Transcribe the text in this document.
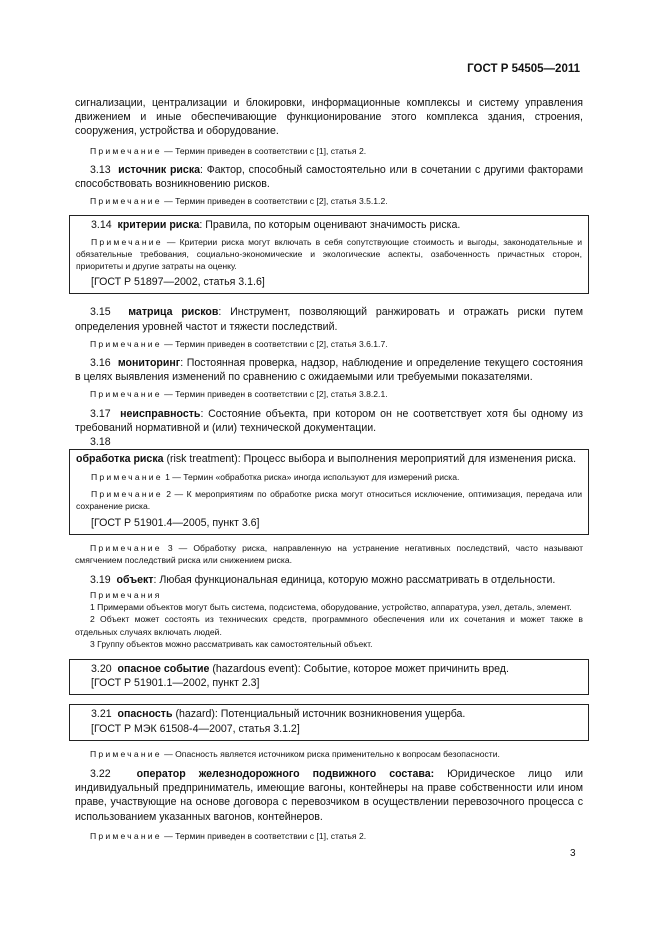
ГОСТ Р 54505—2011

сигнализации, централизации и блокировки, информационные комплексы и систему управления движением и иные обеспечивающие функционирование этого комплекса здания, строения, сооружения, устройства и оборудование.

Примечание — Термин приведен в соответствии с [1], статья 2.

3.13 источник риска: Фактор, способный самостоятельно или в сочетании с другими факторами способствовать возникновению рисков.

Примечание — Термин приведен в соответствии с [2], статья 3.5.1.2.

3.14 критерии риска: Правила, по которым оценивают значимость риска.

Примечание — Критерии риска могут включать в себя сопутствующие стоимость и выгоды, законодательные и обязательные требования, социально-экономические и экологические аспекты, озабоченность причастных сторон, приоритеты и другие затраты на оценку.

[ГОСТ Р 51897—2002, статья 3.1.6]

3.15 матрица рисков: Инструмент, позволяющий ранжировать и отражать риски путем определения уровней частот и тяжести последствий.

Примечание — Термин приведен в соответствии с [2], статья 3.6.1.7.

3.16 мониторинг: Постоянная проверка, надзор, наблюдение и определение текущего состояния в целях выявления изменений по сравнению с ожидаемыми или требуемыми показателями.

Примечание — Термин приведен в соответствии с [2], статья 3.8.2.1.

3.17 неисправность: Состояние объекта, при котором он не соответствует хотя бы одному из требований нормативной и (или) технической документации.

3.18

обработка риска (risk treatment): Процесс выбора и выполнения мероприятий для изменения риска.

Примечание 1 — Термин «обработка риска» иногда используют для измерений риска.

Примечание 2 — К мероприятиям по обработке риска могут относиться исключение, оптимизация, передача или сохранение риска.

[ГОСТ Р 51901.4—2005, пункт 3.6]

Примечание 3 — Обработку риска, направленную на устранение негативных последствий, часто называют смягчением последствий риска или снижением риска.

3.19 объект: Любая функциональная единица, которую можно рассматривать в отдельности.

Примечания

1 Примерами объектов могут быть система, подсистема, оборудование, устройство, аппаратура, узел, деталь, элемент.

2 Объект может состоять из технических средств, программного обеспечения или их сочетания и может также в отдельных случаях включать людей.

3 Группу объектов можно рассматривать как самостоятельный объект.

3.20 опасное событие (hazardous event): Событие, которое может причинить вред.

[ГОСТ Р 51901.1—2002, пункт 2.3]

3.21 опасность (hazard): Потенциальный источник возникновения ущерба.

[ГОСТ Р МЭК 61508-4—2007, статья 3.1.2]

Примечание — Опасность является источником риска применительно к вопросам безопасности.

3.22 оператор железнодорожного подвижного состава: Юридическое лицо или индивидуальный предприниматель, имеющие вагоны, контейнеры на праве собственности или ином праве, участвующие на основе договора с перевозчиком в осуществлении перевозочного процесса с использованием указанных вагонов, контейнеров.

Примечание — Термин приведен в соответствии с [1], статья 2.

3
